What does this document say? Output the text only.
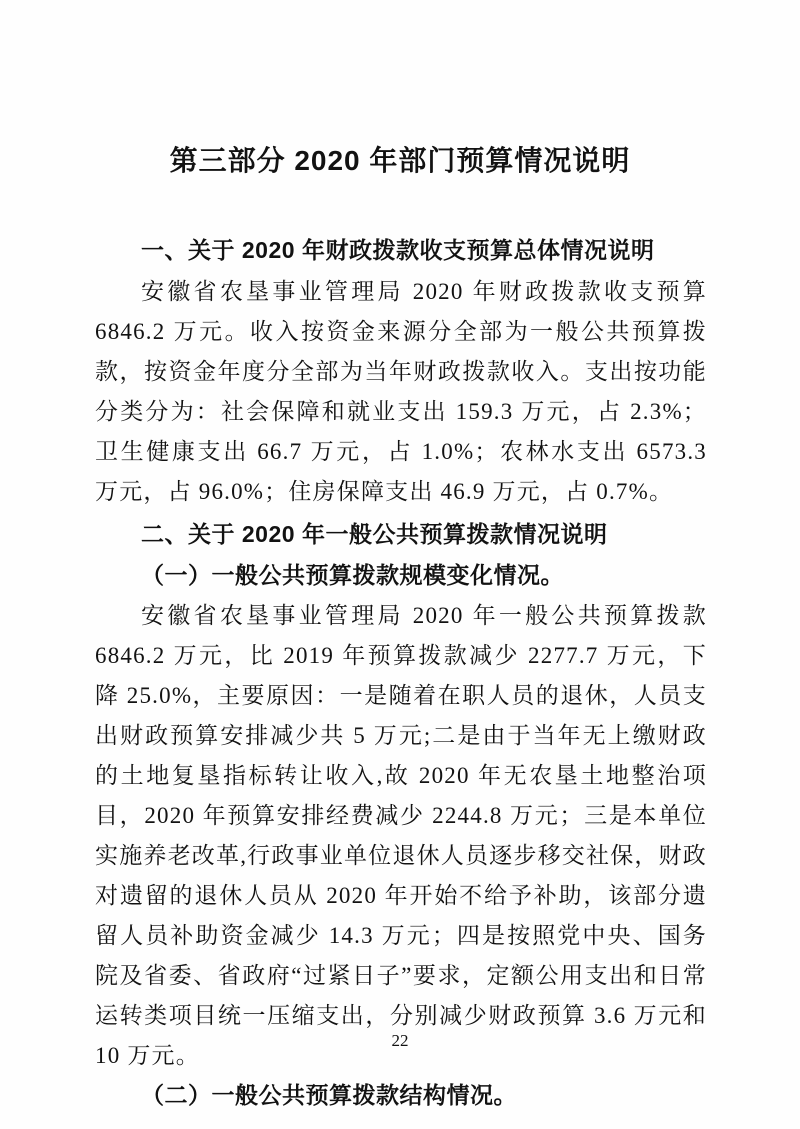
第三部分 2020 年部门预算情况说明
一、关于 2020 年财政拨款收支预算总体情况说明

安徽省农垦事业管理局 2020 年财政拨款收支预算 6846.2 万元。收入按资金来源分全部为一般公共预算拨款，按资金年度分全部为当年财政拨款收入。支出按功能分类分为：社会保障和就业支出 159.3 万元，占 2.3%；卫生健康支出 66.7 万元，占 1.0%；农林水支出 6573.3 万元，占 96.0%；住房保障支出 46.9 万元，占 0.7%。

二、关于 2020 年一般公共预算拨款情况说明
（一）一般公共预算拨款规模变化情况。

安徽省农垦事业管理局 2020 年一般公共预算拨款 6846.2 万元，比 2019 年预算拨款减少 2277.7 万元，下降 25.0%，主要原因：一是随着在职人员的退休，人员支出财政预算安排减少共 5 万元;二是由于当年无上缴财政的土地复垦指标转让收入,故 2020 年无农垦土地整治项目，2020 年预算安排经费减少 2244.8 万元；三是本单位实施养老改革,行政事业单位退休人员逐步移交社保，财政对遗留的退休人员从 2020 年开始不给予补助，该部分遗留人员补助资金减少 14.3 万元；四是按照党中央、国务院及省委、省政府“过紧日子”要求，定额公用支出和日常运转类项目统一压缩支出，分别减少财政预算 3.6 万元和 10 万元。

（二）一般公共预算拨款结构情况。
22
